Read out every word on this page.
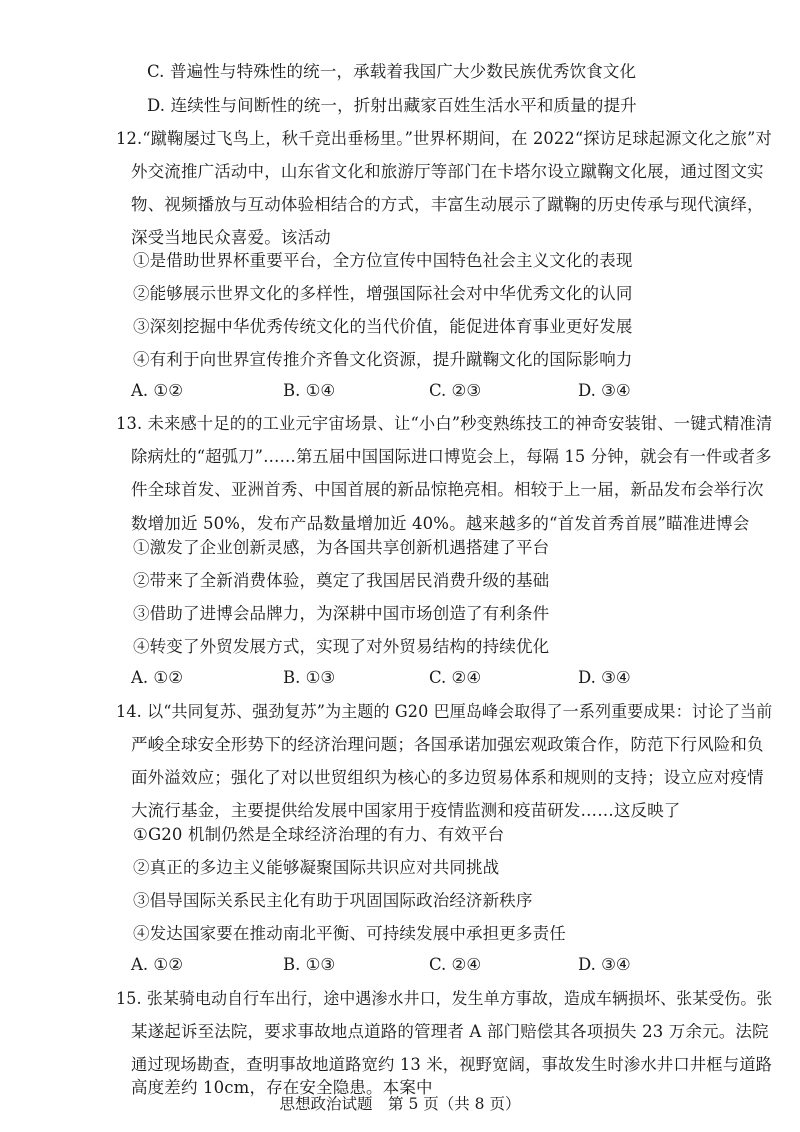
C. 普遍性与特殊性的统一，承载着我国广大少数民族优秀饮食文化
D. 连续性与间断性的统一，折射出藏家百姓生活水平和质量的提升
12.“蹴鞠屡过飞鸟上，秋千竞出垂杨里。”世界杯期间，在 2022“探访足球起源文化之旅”对
外交流推广活动中，山东省文化和旅游厅等部门在卡塔尔设立蹴鞠文化展，通过图文实
物、视频播放与互动体验相结合的方式，丰富生动展示了蹴鞠的历史传承与现代演绎，
深受当地民众喜爱。该活动
①是借助世界杯重要平台，全方位宣传中国特色社会主义文化的表现
②能够展示世界文化的多样性，增强国际社会对中华优秀文化的认同
③深刻挖掘中华优秀传统文化的当代价值，能促进体育事业更好发展
④有利于向世界宣传推介齐鲁文化资源，提升蹴鞠文化的国际影响力
A. ①②	B. ①④	C. ②③	D. ③④
13. 未来感十足的的工业元宇宙场景、让“小白”秒变熟练技工的神奇安装钳、一键式精准清
除病灶的“超弧刀”……第五届中国国际进口博览会上，每隔 15 分钟，就会有一件或者多
件全球首发、亚洲首秀、中国首展的新品惊艳亮相。相较于上一届，新品发布会举行次
数增加近 50%，发布产品数量增加近 40%。越来越多的“首发首秀首展”瞄准进博会
①激发了企业创新灵感，为各国共享创新机遇搭建了平台
②带来了全新消费体验，奠定了我国居民消费升级的基础
③借助了进博会品牌力，为深耕中国市场创造了有利条件
④转变了外贸发展方式，实现了对外贸易结构的持续优化
A. ①②	B. ①③	C. ②④	D. ③④
14. 以“共同复苏、强劲复苏”为主题的 G20 巴厘岛峰会取得了一系列重要成果：讨论了当前
严峻全球安全形势下的经济治理问题；各国承诺加强宏观政策合作，防范下行风险和负
面外溢效应；强化了对以世贸组织为核心的多边贸易体系和规则的支持；设立应对疫情
大流行基金，主要提供给发展中国家用于疫情监测和疫苗研发……这反映了
①G20 机制仍然是全球经济治理的有力、有效平台
②真正的多边主义能够凝聚国际共识应对共同挑战
③倡导国际关系民主化有助于巩固国际政治经济新秩序
④发达国家要在推动南北平衡、可持续发展中承担更多责任
A. ①②	B. ①③	C. ②④	D. ③④
15. 张某骑电动自行车出行，途中遇渗水井口，发生单方事故，造成车辆损坏、张某受伤。张
某遂起诉至法院，要求事故地点道路的管理者 A 部门赔偿其各项损失 23 万余元。法院
通过现场勘查，查明事故地道路宽约 13 米，视野宽阔，事故发生时渗水井口井框与道路
高度差约 10cm，存在安全隐患。本案中
思想政治试题　第 5 页（共 8 页）
